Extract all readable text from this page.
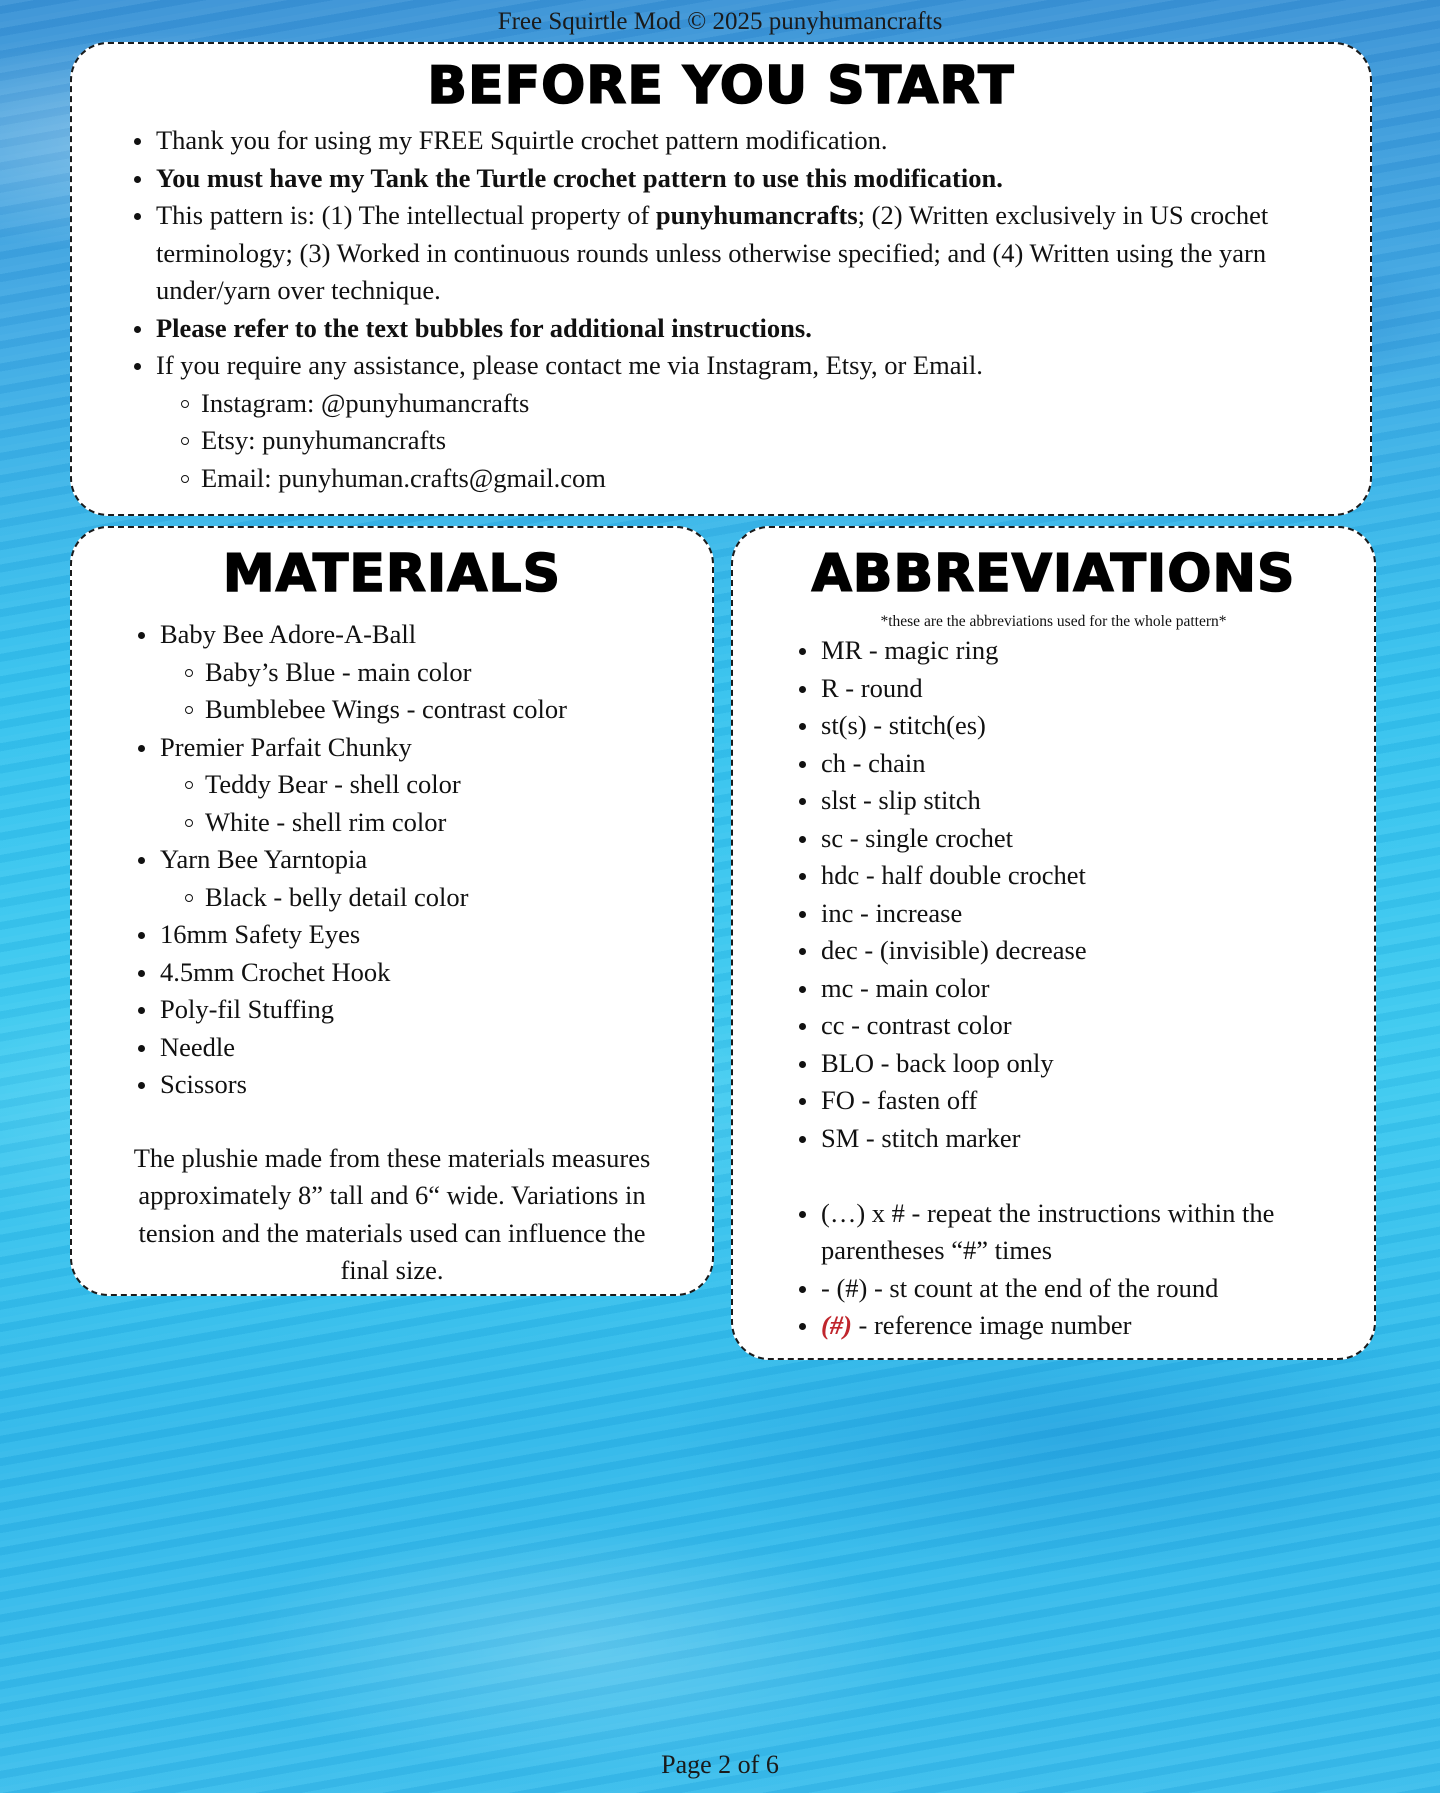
Free Squirtle Mod © 2025 punyhumancrafts
BEFORE YOU START
Thank you for using my FREE Squirtle crochet pattern modification.
You must have my Tank the Turtle crochet pattern to use this modification.
This pattern is: (1) The intellectual property of punyhumancrafts; (2) Written exclusively in US crochet terminology; (3) Worked in continuous rounds unless otherwise specified; and (4) Written using the yarn under/yarn over technique.
Please refer to the text bubbles for additional instructions.
If you require any assistance, please contact me via Instagram, Etsy, or Email.
Instagram: @punyhumancrafts
Etsy: punyhumancrafts
Email: punyhuman.crafts@gmail.com
MATERIALS
Baby Bee Adore-A-Ball
Baby’s Blue - main color
Bumblebee Wings - contrast color
Premier Parfait Chunky
Teddy Bear - shell color
White - shell rim color
Yarn Bee Yarntopia
Black - belly detail color
16mm Safety Eyes
4.5mm Crochet Hook
Poly-fil Stuffing
Needle
Scissors

The plushie made from these materials measures approximately 8” tall and 6“ wide. Variations in tension and the materials used can influence the final size.

ABBREVIATIONS

*these are the abbreviations used for the whole pattern*

MR - magic ring
R - round
st(s) - stitch(es)
ch - chain
slst - slip stitch
sc - single crochet
hdc - half double crochet
inc - increase
dec - (invisible) decrease
mc - main color
cc - contrast color
BLO - back loop only
FO - fasten off
SM - stitch marker
(…) x # - repeat the instructions within the parentheses “#” times
- (#) - st count at the end of the round
(#) - reference image number
Page 2 of 6
